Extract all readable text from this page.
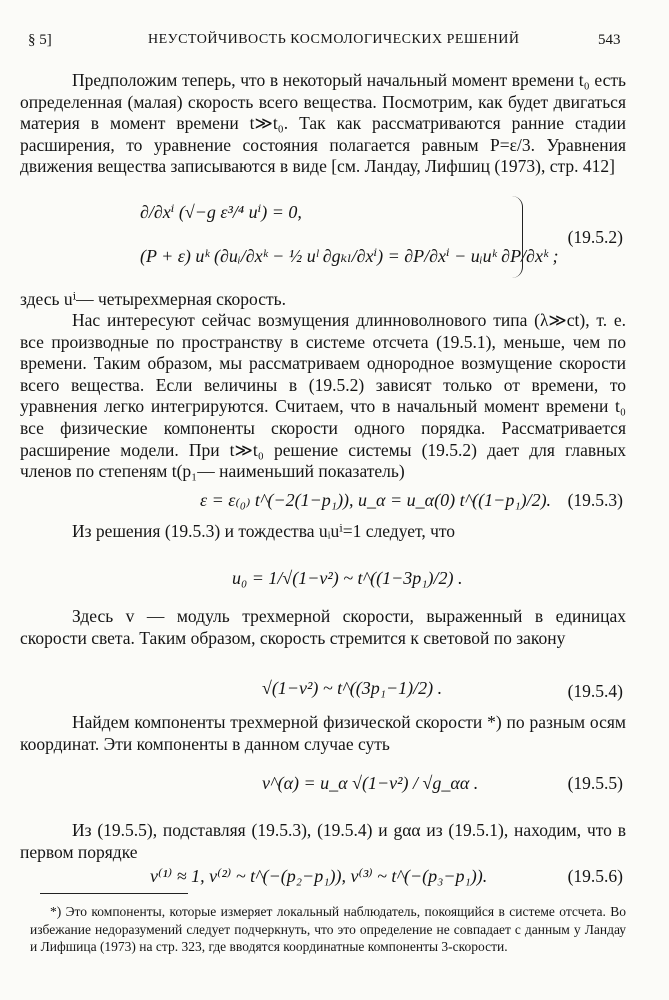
§ 5]	НЕУСТОЙЧИВОСТЬ КОСМОЛОГИЧЕСКИХ РЕШЕНИЙ	543
Предположим теперь, что в некоторый начальный момент времени t₀ есть определенная (малая) скорость всего вещества. Посмотрим, как будет двигаться материя в момент времени t≫t₀. Так как рассматриваются ранние стадии расширения, то уравнение состояния полагается равным P=ε/3. Уравнения движения вещества записываются в виде [см. Ландау, Лифшиц (1973), стр. 412]
∂/∂xⁱ (√−g ε³/⁴ uⁱ) = 0,
(P + ε) uᵏ (∂uᵢ/∂xᵏ − ½ uˡ ∂gₖₗ/∂xⁱ) = ∂P/∂xⁱ − uᵢuᵏ ∂P/∂xᵏ ;
(19.5.2)
здесь uⁱ— четырехмерная скорость.
Нас интересуют сейчас возмущения длинноволнового типа (λ≫ct), т. е. все производные по пространству в системе отсчета (19.5.1), меньше, чем по времени. Таким образом, мы рассматриваем однородное возмущение скорости всего вещества. Если величины в (19.5.2) зависят только от времени, то уравнения легко интегрируются. Считаем, что в начальный момент времени t₀ все физические компоненты скорости одного порядка. Рассматривается расширение модели. При t≫t₀ решение системы (19.5.2) дает для главных членов по степеням t(p₁— наименьший показатель)
ε = ε₍₀₎ t^(−2(1−p₁)), u_α = u_α(0) t^((1−p₁)/2). (19.5.3)
Из решения (19.5.3) и тождества uᵢuⁱ=1 следует, что
u₀ = 1/√(1−v²) ~ t^((1−3p₁)/2) .
Здесь v — модуль трехмерной скорости, выраженный в единицах скорости света. Таким образом, скорость стремится к световой по закону
√(1−v²) ~ t^((3p₁−1)/2) .	(19.5.4)
Найдем компоненты трехмерной физической скорости *) по разным осям координат. Эти компоненты в данном случае суть
v^(α) = u_α √(1−v²) / √g_αα .	(19.5.5)
Из (19.5.5), подставляя (19.5.3), (19.5.4) и gαα из (19.5.1), находим, что в первом порядке
v⁽¹⁾ ≈ 1, v⁽²⁾ ~ t^(−(p₂−p₁)), v⁽³⁾ ~ t^(−(p₃−p₁)).	(19.5.6)
*) Это компоненты, которые измеряет локальный наблюдатель, покоящийся в системе отсчета. Во избежание недоразумений следует подчеркнуть, что это определение не совпадает с данным у Ландау и Лифшица (1973) на стр. 323, где вводятся координатные компоненты 3-скорости.
